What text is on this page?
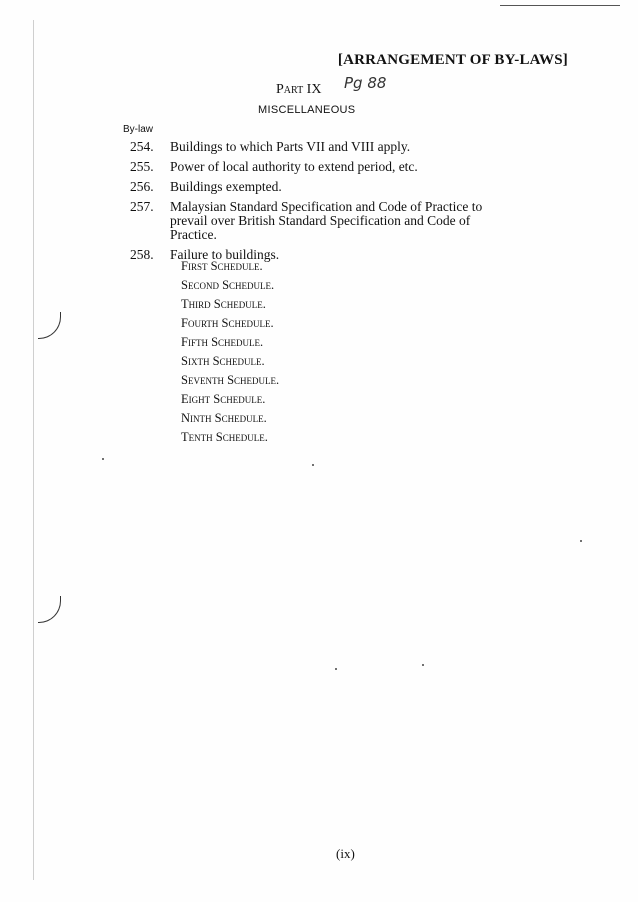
[ARRANGEMENT OF BY-LAWS]
Part IX Pg 88
MISCELLANEOUS
By-law
254.	Buildings to which Parts VII and VIII apply.
255.	Power of local authority to extend period, etc.
256.	Buildings exempted.
257.	Malaysian Standard Specification and Code of Practice to prevail over British Standard Specification and Code of Practice.
258.	Failure to buildings.
First Schedule.
Second Schedule.
Third Schedule.
Fourth Schedule.
Fifth Schedule.
Sixth Schedule.
Seventh Schedule.
Eight Schedule.
Ninth Schedule.
Tenth Schedule.
(ix)
